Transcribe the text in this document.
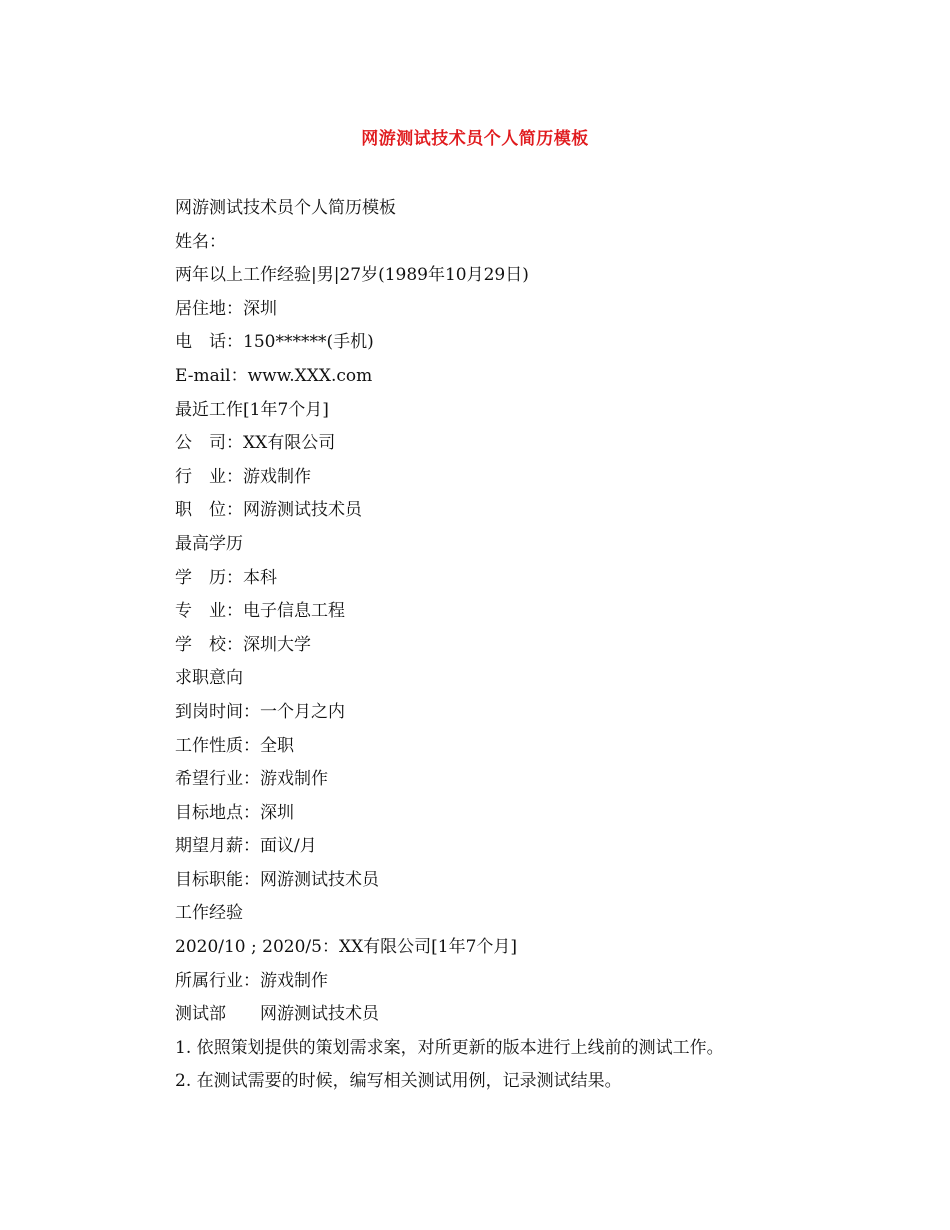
网游测试技术员个人简历模板
网游测试技术员个人简历模板
姓名：
两年以上工作经验|男|27岁(1989年10月29日)
居住地：深圳
电　话：150******(手机)
E-mail：www.XXX.com
最近工作[1年7个月]
公　司：XX有限公司
行　业：游戏制作
职　位：网游测试技术员
最高学历
学　历：本科
专　业：电子信息工程
学　校：深圳大学
求职意向
到岗时间：一个月之内
工作性质：全职
希望行业：游戏制作
目标地点：深圳
期望月薪：面议/月
目标职能：网游测试技术员
工作经验
2020/10 ; 2020/5：XX有限公司[1年7个月]
所属行业：游戏制作
测试部　　网游测试技术员
1. 依照策划提供的策划需求案，对所更新的版本进行上线前的测试工作。
2. 在测试需要的时候，编写相关测试用例，记录测试结果。
